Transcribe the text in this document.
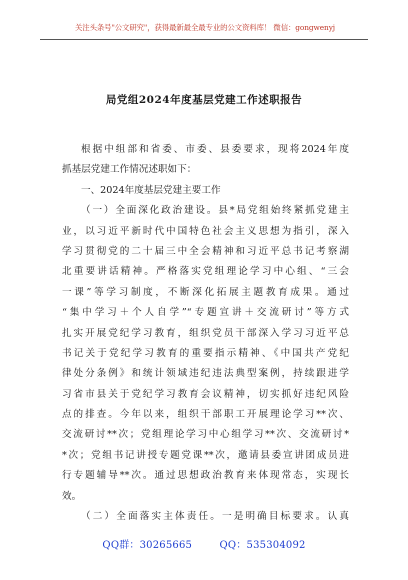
关注头条号"公文研究"，获得最新最全最专业的公文资料库！ 微信：gongwenyj
局党组2024年度基层党建工作述职报告
根据中组部和省委、市委、县委要求，现将2024年度
抓基层党建工作情况述职如下：
一、2024年度基层党建主要工作
（一）全面深化政治建设。县*局党组始终紧抓党建主
业，以习近平新时代中国特色社会主义思想为指引，深入
学习贯彻党的二十届三中全会精神和习近平总书记考察湖
北重要讲话精神。严格落实党组理论学习中心组、“三会
一课”等学习制度，不断深化拓展主题教育成果。通过
“集中学习＋个人自学”“专题宣讲＋交流研讨”等方式
扎实开展党纪学习教育，组织党员干部深入学习习近平总
书记关于党纪学习教育的重要指示精神、《中国共产党纪
律处分条例》和统计领域违纪违法典型案例，持续跟进学
习省市县关于党纪学习教育会议精神，切实抓好违纪风险
点的排查。今年以来，组织干部职工开展理论学习**次、
交流研讨**次；党组理论学习中心组学习**次、交流研讨*
*次；党组书记讲授专题党课**次，邀请县委宣讲团成员进
行专题辅导**次。通过思想政治教育来体现常态，实现长
效。
（二）全面落实主体责任。一是明确目标要求。认真
QQ群：30265665	QQ：535304092
